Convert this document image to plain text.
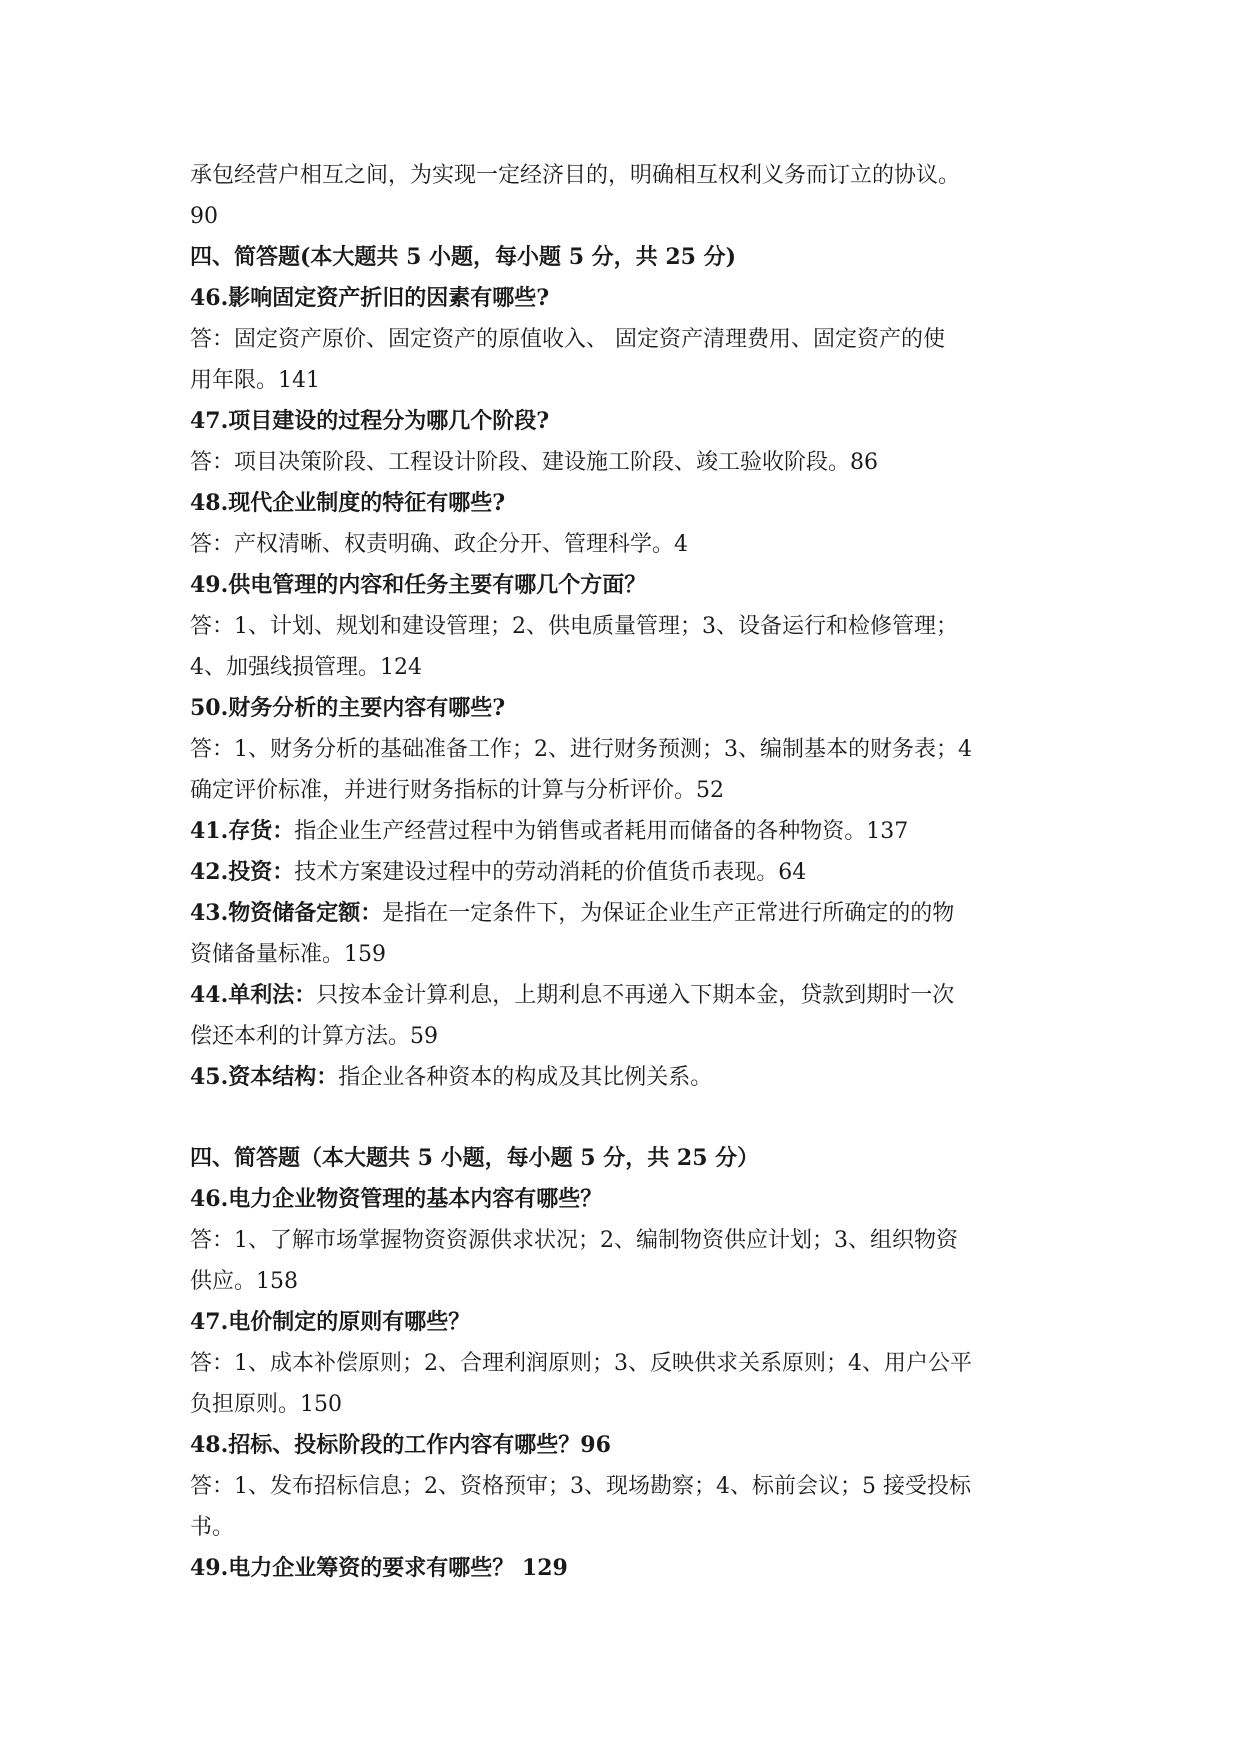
承包经营户相互之间，为实现一定经济目的，明确相互权利义务而订立的协议。
90
四、简答题(本大题共 5 小题，每小题 5 分，共 25 分)
46.影响固定资产折旧的因素有哪些?
答：固定资产原价、固定资产的原值收入、 固定资产清理费用、固定资产的使
用年限。141
47.项目建设的过程分为哪几个阶段?
答：项目决策阶段、工程设计阶段、建设施工阶段、竣工验收阶段。86
48.现代企业制度的特征有哪些?
答：产权清晰、权责明确、政企分开、管理科学。4
49.供电管理的内容和任务主要有哪几个方面？
答：1、计划、规划和建设管理；2、供电质量管理；3、设备运行和检修管理；
4、加强线损管理。124
50.财务分析的主要内容有哪些?
答：1、财务分析的基础准备工作；2、进行财务预测；3、编制基本的财务表；4
确定评价标准，并进行财务指标的计算与分析评价。52
41.存货：指企业生产经营过程中为销售或者耗用而储备的各种物资。137
42.投资：技术方案建设过程中的劳动消耗的价值货币表现。64
43.物资储备定额：是指在一定条件下，为保证企业生产正常进行所确定的的物
资储备量标准。159
44.单利法：只按本金计算利息，上期利息不再递入下期本金，贷款到期时一次
偿还本利的计算方法。59
45.资本结构：指企业各种资本的构成及其比例关系。
四、简答题（本大题共 5 小题，每小题 5 分，共 25 分）
46.电力企业物资管理的基本内容有哪些？
答：1、了解市场掌握物资资源供求状况；2、编制物资供应计划；3、组织物资
供应。158
47.电价制定的原则有哪些？
答：1、成本补偿原则；2、合理利润原则；3、反映供求关系原则；4、用户公平
负担原则。150
48.招标、投标阶段的工作内容有哪些？96
答：1、发布招标信息；2、资格预审；3、现场勘察；4、标前会议；5 接受投标
书。
49.电力企业筹资的要求有哪些？ 129
